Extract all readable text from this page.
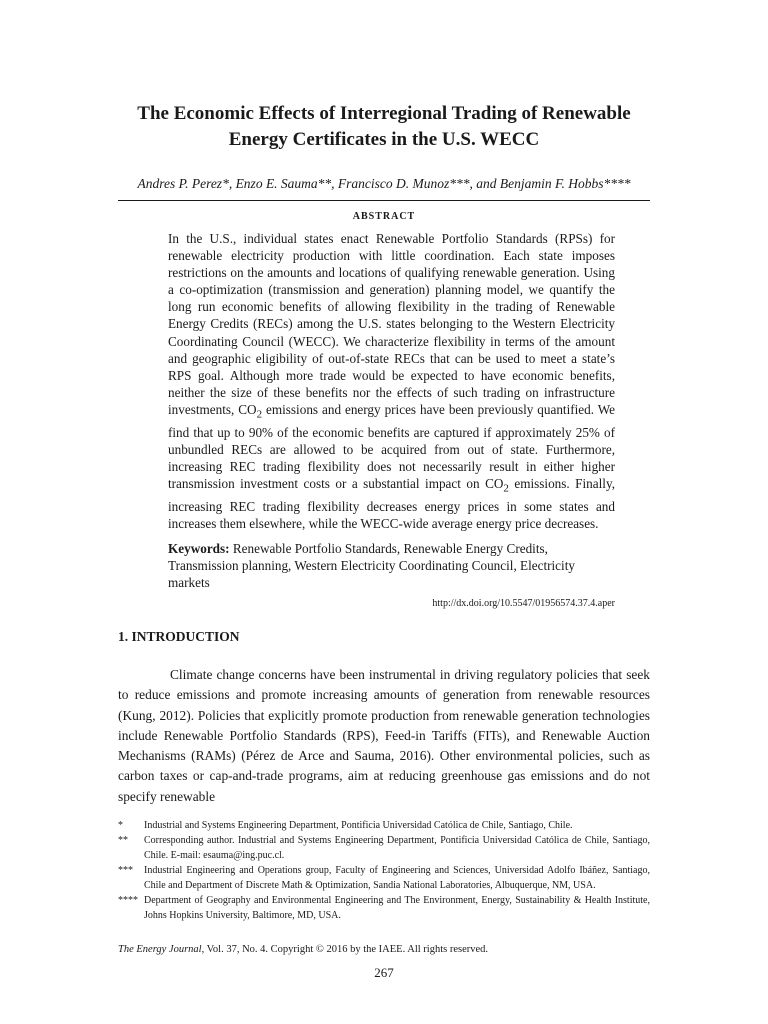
The Economic Effects of Interregional Trading of Renewable Energy Certificates in the U.S. WECC
Andres P. Perez*, Enzo E. Sauma**, Francisco D. Munoz***, and Benjamin F. Hobbs****
ABSTRACT

In the U.S., individual states enact Renewable Portfolio Standards (RPSs) for renewable electricity production with little coordination. Each state imposes restrictions on the amounts and locations of qualifying renewable generation. Using a co-optimization (transmission and generation) planning model, we quantify the long run economic benefits of allowing flexibility in the trading of Renewable Energy Credits (RECs) among the U.S. states belonging to the Western Electricity Coordinating Council (WECC). We characterize flexibility in terms of the amount and geographic eligibility of out-of-state RECs that can be used to meet a state’s RPS goal. Although more trade would be expected to have economic benefits, neither the size of these benefits nor the effects of such trading on infrastructure investments, $CO_2$ emissions and energy prices have been previously quantified. We find that up to 90% of the economic benefits are captured if approximately 25% of unbundled RECs are allowed to be acquired from out of state. Furthermore, increasing REC trading flexibility does not necessarily result in either higher transmission investment costs or a substantial impact on $CO_2$ emissions. Finally, increasing REC trading flexibility decreases energy prices in some states and increases them elsewhere, while the WECC-wide average energy price decreases.

Keywords: Renewable Portfolio Standards, Renewable Energy Credits, Transmission planning, Western Electricity Coordinating Council, Electricity markets

http://dx.doi.org/10.5547/01956574.37.4.aper
1. INTRODUCTION

Climate change concerns have been instrumental in driving regulatory policies that seek to reduce emissions and promote increasing amounts of generation from renewable resources (Kung, 2012). Policies that explicitly promote production from renewable generation technologies include Renewable Portfolio Standards (RPS), Feed-in Tariffs (FITs), and Renewable Auction Mechanisms (RAMs) (Pérez de Arce and Sauma, 2016). Other environmental policies, such as carbon taxes or cap-and-trade programs, aim at reducing greenhouse gas emissions and do not specify renewable

*	Industrial and Systems Engineering Department, Pontificia Universidad Católica de Chile, Santiago, Chile.
**	Corresponding author. Industrial and Systems Engineering Department, Pontificia Universidad Católica de Chile, Santiago, Chile. E-mail: esauma@ing.puc.cl.
***	Industrial Engineering and Operations group, Faculty of Engineering and Sciences, Universidad Adolfo Ibáñez, Santiago, Chile and Department of Discrete Math & Optimization, Sandia National Laboratories, Albuquerque, NM, USA.
**** Department of Geography and Environmental Engineering and The Environment, Energy, Sustainability & Health Institute, Johns Hopkins University, Baltimore, MD, USA.
The Energy Journal, Vol. 37, No. 4. Copyright © 2016 by the IAEE. All rights reserved.
267
